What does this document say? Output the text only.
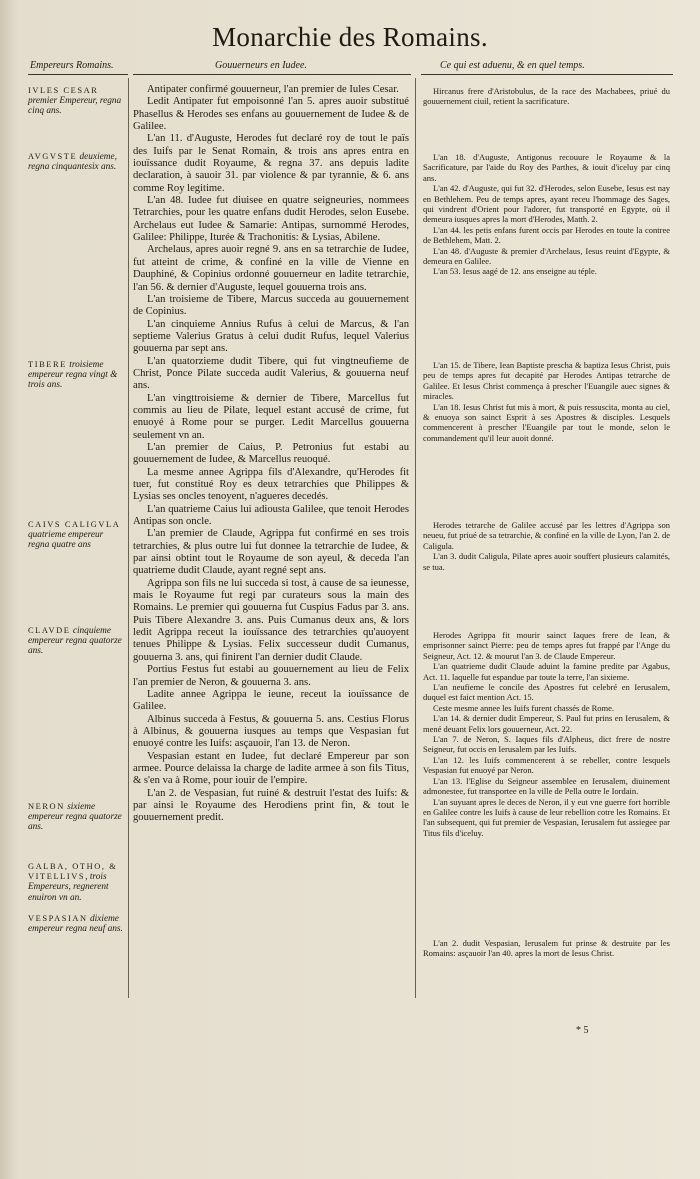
Monarchie des Romains.
Empereurs Romains.	Gouuerneurs en Iudee.	Ce qui est aduenu, & en quel temps.
IVLES CESAR premier Empereur, regna cinq ans.
AVGVSTE deuxieme, regna cinquantesix ans.
TIBERE troisieme empereur regna vingt & trois ans.
CAIVS CALIGVLA quatrieme empereur regna quatre ans
CLAVDE cinquieme empereur regna quatorze ans.
NERON sixieme empereur regna quatorze ans.
GALBA, OTHO, & VITELLIVS, trois Empereurs, regnerent enuiron vn an.
VESPASIAN dixieme empereur regna neuf ans.

Antipater confirmé gouuerneur, l'an premier de Iules Cesar.

Ledit Antipater fut empoisonné l'an 5. apres auoir substitué Phasellus & Herodes ses enfans au gouuernement de Iudee & de Galilee.

L'an 11. d'Auguste, Herodes fut declaré roy de tout le païs des Iuifs par le Senat Romain, & trois ans apres entra en iouïssance dudit Royaume, & regna 37. ans depuis ladite declaration, à sauoir 31. par violence & par tyrannie, & 6. ans comme Roy legitime.

L'an 48. Iudee fut diuisee en quatre seigneuries, nommees Tetrarchies, pour les quatre enfans dudit Herodes, selon Eusebe. Archelaus eut Iudee & Samarie: Antipas, surnommé Herodes, Galilee: Philippe, Iturée & Trachonitis: & Lysias, Abilene.

Archelaus, apres auoir regné 9. ans en sa tetrarchie de Iudee, fut atteint de crime, & confiné en la ville de Vienne en Dauphiné, & Copinius ordonné gouuerneur en ladite tetrarchie, l'an 56. & dernier d'Auguste, lequel gouuerna trois ans.

L'an troisieme de Tibere, Marcus succeda au gouuernement de Copinius.

L'an cinquieme Annius Rufus à celui de Marcus, & l'an septieme Valerius Gratus à celui dudit Rufus, lequel Valerius gouuerna par sept ans.

L'an quatorzieme dudit Tibere, qui fut vingtneufieme de Christ, Ponce Pilate succeda audit Valerius, & gouuerna neuf ans.

L'an vingttroisieme & dernier de Tibere, Marcellus fut commis au lieu de Pilate, lequel estant accusé de crime, fut enuoyé à Rome pour se purger. Ledit Marcellus gouuerna seulement vn an.

L'an premier de Caius, P. Petronius fut estabi au gouuernement de Iudee, & Marcellus reuoqué.

La mesme annee Agrippa fils d'Alexandre, qu'Herodes fit tuer, fut constitué Roy es deux tetrarchies que Philippes & Lysias ses oncles tenoyent, n'agueres decedés.

L'an quatrieme Caius lui adiousta Galilee, que tenoit Herodes Antipas son oncle.

L'an premier de Claude, Agrippa fut confirmé en ses trois tetrarchies, & plus outre lui fut donnee la tetrarchie de Iudee, & par ainsi obtint tout le Royaume de son ayeul, & deceda l'an quatrieme dudit Claude, ayant regné sept ans.

Agrippa son fils ne lui succeda si tost, à cause de sa ieunesse, mais le Royaume fut regi par curateurs sous la main des Romains. Le premier qui gouuerna fut Cuspius Fadus par 3. ans. Puis Tibere Alexandre 3. ans. Puis Cumanus deux ans, & lors ledit Agrippa receut la iouïssance des tetrarchies qu'auoyent tenues Philippe & Lysias. Felix successeur dudit Cumanus, gouuerna 3. ans, qui finirent l'an dernier dudit Claude.

Portius Festus fut estabi au gouuernement au lieu de Felix l'an premier de Neron, & gouuerna 3. ans.

Ladite annee Agrippa le ieune, receut la iouïssance de Galilee.

Albinus succeda à Festus, & gouuerna 5. ans. Cestius Florus à Albinus, & gouuerna iusques au temps que Vespasian fut enuoyé contre les Iuifs: asçauoir, l'an 13. de Neron.

Vespasian estant en Iudee, fut declaré Empereur par son armee. Pource delaissa la charge de ladite armee à son fils Titus, & s'en va à Rome, pour iouir de l'empire.

L'an 2. de Vespasian, fut ruiné & destruit l'estat des Iuifs: & par ainsi le Royaume des Herodiens print fin, & tout le gouuernement predit.

Hircanus frere d'Aristobulus, de la race des Machabees, priué du gouuernement ciuil, retient la sacrificature.

L'an 18. d'Auguste, Antigonus recouure le Royaume & la Sacrificature, par l'aide du Roy des Parthes, & iouit d'iceluy par cinq ans.

L'an 42. d'Auguste, qui fut 32. d'Herodes, selon Eusebe, Iesus est nay en Bethlehem. Peu de temps apres, ayant receu l'hommage des Sages, qui vindrent d'Orient pour l'adorer, fut transporté en Egypte, où il demeura iusques apres la mort d'Herodes, Matth. 2.

L'an 44. les petis enfans furent occis par Herodes en toute la contree de Bethlehem, Matt. 2.

L'an 48. d'Auguste & premier d'Archelaus, Iesus reuint d'Egypte, & demeura en Galilee.

L'an 53. Iesus aagé de 12. ans enseigne au téple.

L'an 15. de Tibere, Iean Baptiste prescha & baptiza Iesus Christ, puis peu de temps apres fut decapité par Herodes Antipas tetrarche de Galilee. Et Iesus Christ commença à prescher l'Euangile auec signes & miracles.

L'an 18. Iesus Christ fut mis à mort, & puis ressuscita, monta au ciel, & enuoya son sainct Esprit à ses Apostres & disciples. Lesquels commencerent à prescher l'Euangile par tout le monde, selon le commandement qu'il leur auoit donné.

Herodes tetrarche de Galilee accusé par les lettres d'Agrippa son neueu, fut priué de sa tetrarchie, & confiné en la ville de Lyon, l'an 2. de Caligula.

L'an 3. dudit Caligula, Pilate apres auoir souffert plusieurs calamités, se tua.

Herodes Agrippa fit mourir sainct Iaques frere de Iean, & emprisonner sainct Pierre: peu de temps apres fut frappé par l'Ange du Seigneur, Act. 12. & mourut l'an 3. de Claude Empereur.

L'an quatrieme dudit Claude aduint la famine predite par Agabus, Act. 11. laquelle fut espandue par toute la terre, l'an sixieme.

L'an neufieme le concile des Apostres fut celebré en Ierusalem, duquel est faict mention Act. 15.

Ceste mesme annee les Iuifs furent chassés de Rome.

L'an 14. & dernier dudit Empereur, S. Paul fut prins en Ierusalem, & mené deuant Felix lors gouuerneur, Act. 22.

L'an 7. de Neron, S. Iaques fils d'Alpheus, dict frere de nostre Seigneur, fut occis en Ierusalem par les Iuifs.

L'an 12. les Iuifs commencerent à se rebeller, contre lesquels Vespasian fut enuoyé par Neron.

L'an 13. l'Eglise du Seigneur assemblee en Ierusalem, diuinement admonestee, fut transportee en la ville de Pella outre le Iordain.

L'an suyuant apres le deces de Neron, il y eut vne guerre fort horrible en Galilee contre les Iuifs à cause de leur rebellion cotre les Romains. Et l'an subsequent, qui fut premier de Vespasian, Ierusalem fut assiegee par Titus fils d'iceluy.

L'an 2. dudit Vespasian, Ierusalem fut prinse & destruite par les Romains: asçauoir l'an 40. apres la mort de Iesus Christ.

* 5
